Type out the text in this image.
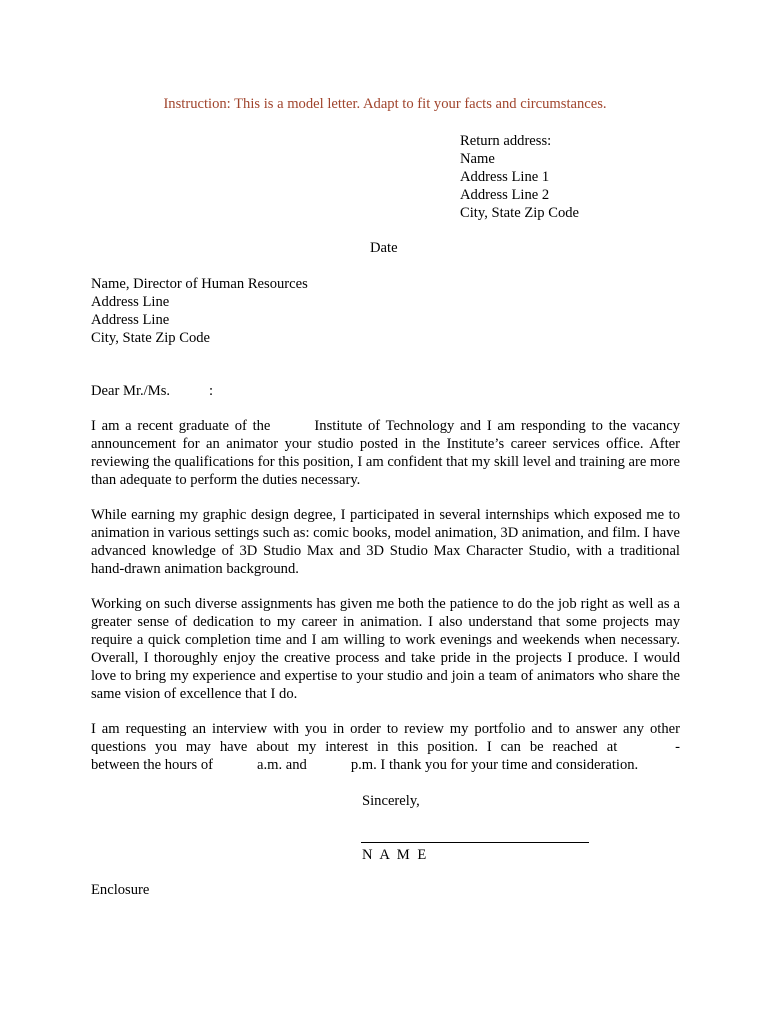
Instruction: This is a model letter. Adapt to fit your facts and circumstances.
Return address:
Name
Address Line 1
Address Line 2
City, State Zip Code
Date
Name, Director of Human Resources
Address Line
Address Line
City, State Zip Code
Dear Mr./Ms.	:
I am a recent graduate of the	Institute of Technology and I am responding to the vacancy announcement for an animator your studio posted in the Institute’s career services office. After reviewing the qualifications for this position, I am confident that my skill level and training are more than adequate to perform the duties necessary.
While earning my graphic design degree, I participated in several internships which exposed me to animation in various settings such as: comic books, model animation, 3D animation, and film. I have advanced knowledge of 3D Studio Max and 3D Studio Max Character Studio, with a traditional hand-drawn animation background.
Working on such diverse assignments has given me both the patience to do the job right as well as a greater sense of dedication to my career in animation. I also understand that some projects may require a quick completion time and I am willing to work evenings and weekends when necessary. Overall, I thoroughly enjoy the creative process and take pride in the projects I produce. I would love to bring my experience and expertise to your studio and join a team of animators who share the same vision of excellence that I do.
I am requesting an interview with you in order to review my portfolio and to answer any other
questions you may have about my interest in this position. I can be reached at	-
between the hours of	a.m. and	p.m. I thank you for your time and consideration.
Sincerely,
N A M E
Enclosure
